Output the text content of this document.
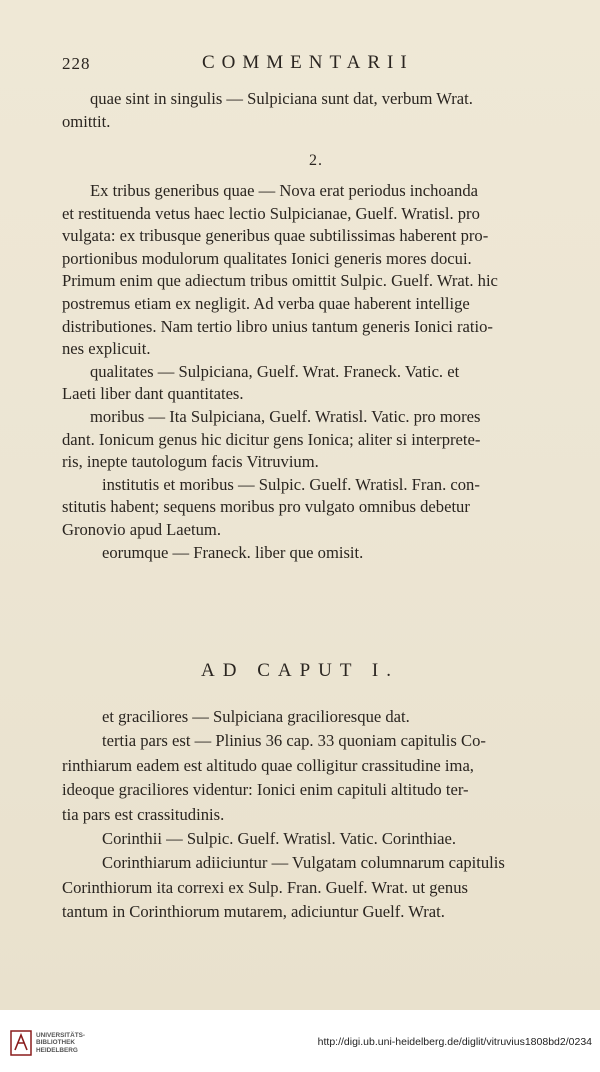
228	COMMENTARII
quae sint in singulis — Sulpiciana sunt dat, verbum Wrat.
omittit.
2.
Ex tribus generibus quae — Nova erat periodus inchoanda
et restituenda vetus haec lectio Sulpicianae, Guelf. Wratisl. pro
vulgata: ex tribusque generibus quae subtilissimas haberent pro-
portionibus modulorum qualitates Ionici generis mores docui.
Primum enim que adiectum tribus omittit Sulpic. Guelf. Wrat. hic
postremus etiam ex negligit. Ad verba quae haberent intellige
distributiones. Nam tertio libro unius tantum generis Ionici ratio-
nes explicuit.
qualitates — Sulpiciana, Guelf. Wrat. Franeck. Vatic. et
Laeti liber dant quantitates.
moribus — Ita Sulpiciana, Guelf. Wratisl. Vatic. pro mores
dant. Ionicum genus hic dicitur gens Ionica; aliter si interprete-
ris, inepte tautologum facis Vitruvium.
institutis et moribus — Sulpic. Guelf. Wratisl. Fran. con-
stitutis habent; sequens moribus pro vulgato omnibus debetur
Gronovio apud Laetum.
eorumque — Franeck. liber que omisit.
AD CAPUT I.
et graciliores — Sulpiciana gracilioresque dat.
tertia pars est — Plinius 36 cap. 33 quoniam capitulis Co-
rinthiarum eadem est altitudo quae colligitur crassitudine ima,
ideoque graciliores videntur: Ionici enim capituli altitudo ter-
tia pars est crassitudinis.
Corinthii — Sulpic. Guelf. Wratisl. Vatic. Corinthiae.
Corinthiarum adiiciuntur — Vulgatam columnarum capitulis
Corinthiorum ita correxi ex Sulp. Fran. Guelf. Wrat. ut genus
tantum in Corinthiorum mutarem, adiciuntur Guelf. Wrat.
UNIVERSITÄTS-
BIBLIOTHEK
HEIDELBERG
http://digi.ub.uni-heidelberg.de/diglit/vitruvius1808bd2/0234
